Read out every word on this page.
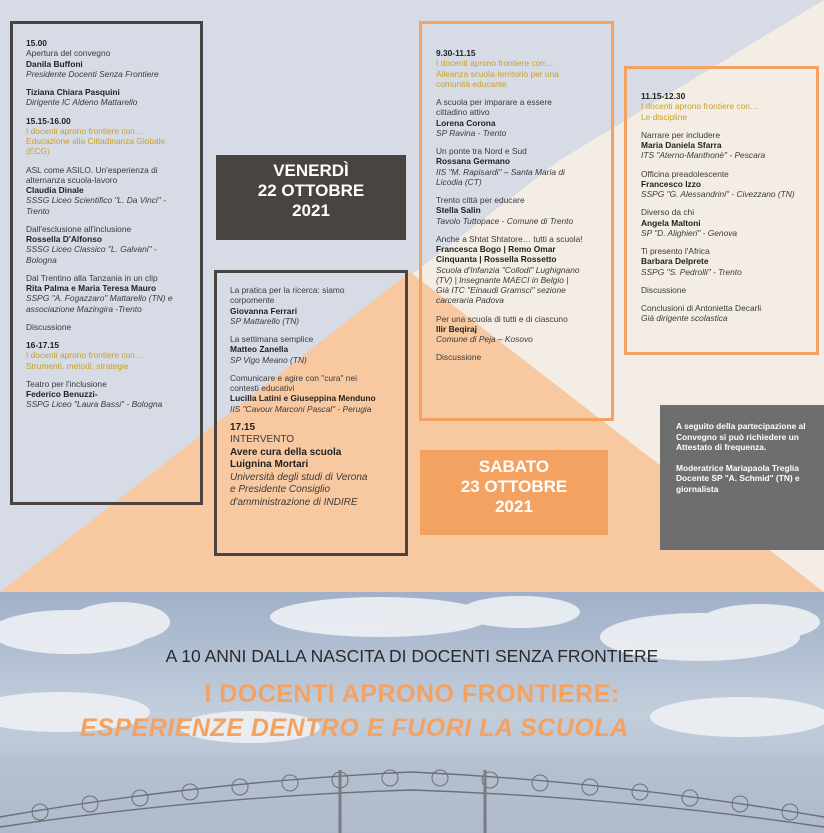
15.00
Apertura del convegno
Danila Buffoni
Presidente Docenti Senza Frontiere
Tiziana Chiara Pasquini
Dirigente IC Aldeno Mattarello
15.15-16.00
I docenti aprono frontiere con…
Educazione alla Cittadinanza Globale
(ECG)
ASL come ASILO. Un'esperienza di
alternanza scuola-lavoro
Claudia Dinale
SSSG Liceo Scientifico "L. Da Vinci" -
Trento
Dall'esclusione all'inclusione
Rossella D'Alfonso
SSSG Liceo Classico "L. Galvani" -
Bologna
Dal Trentino alla Tanzania in un clip
Rita Palma e Maria Teresa Mauro
SSPG "A. Fogazzaro" Mattarello (TN) e
associazione Mazingira -Trento
Discussione
16-17.15
I docenti aprono frontiere con…
Strumenti, metodi, strategie
Teatro per l'inclusione
Federico Benuzzi-
SSPG Liceo "Laura Bassi" - Bologna
VENERDÌ
22 OTTOBRE
2021
La pratica per la ricerca: siamo
corpomente
Giovanna Ferrari
SP Mattarello (TN)
La settimana semplice
Matteo Zanella
SP Vigo Meano (TN)
Comunicare e agire con "cura" nei
contesti educativi
Lucilla Latini e Giuseppina Menduno
IIS "Cavour Marconi Pascal" - Perugia
17.15
INTERVENTO
Avere cura della scuola
Luignina Mortari
Università degli studi di Verona
e Presidente Consiglio
d'amministrazione di INDIRE
9.30-11.15
I docenti aprono frontiere con…
Alleanza scuola-territorio per una
comunità educante
A scuola per imparare a essere
cittadino attivo
Lorena Corona
SP Ravina - Trento
Un ponte tra Nord e Sud
Rossana Germano
IIS "M. Rapisardi" – Santa Maria di
Licodia (CT)
Trento città per educare
Stella Salin
Tavolo Tuttopace - Comune di Trento
Anche a Shtat Shtatore… tutti a scuola!
Francesca Bogo | Remo Omar
Cinquanta | Rossella Rossetto
Scuola d'Infanzia "Collodi" Lughignano
(TV) | Insegnante MAECI in Belgio |
Già ITC "Einaudi Gramsci" sezione
carceraria Padova
Per una scuola di tutti e di ciascuno
Ilir Beqiraj
Comune di Peja – Kosovo
Discussione
11.15-12.30
I docenti aprono frontiere con…
Le discipline
Narrare per includere
Maria Daniela Sfarra
ITS "Aterno-Manthonè" - Pescara
Officina preadolescente
Francesco Izzo
SSPG "G. Alessandrini" - Civezzano (TN)
Diverso da chi
Angela Maltoni
SP "D. Alighieri" - Genova
Ti presento l'Africa
Barbara Delprete
SSPG "S. Pedrolli" - Trento
Discussione
Conclusioni di Antonietta Decarli
Già dirigente scolastica
SABATO
23 OTTOBRE
2021
A seguito della partecipazione al Convegno si può richiedere un Attestato di frequenza.
Moderatrice Mariapaola Treglia Docente SP "A. Schmid" (TN) e giornalista
A 10 ANNI DALLA NASCITA DI DOCENTI SENZA FRONTIERE
I DOCENTI APRONO FRONTIERE:
ESPERIENZE DENTRO E FUORI LA SCUOLA
